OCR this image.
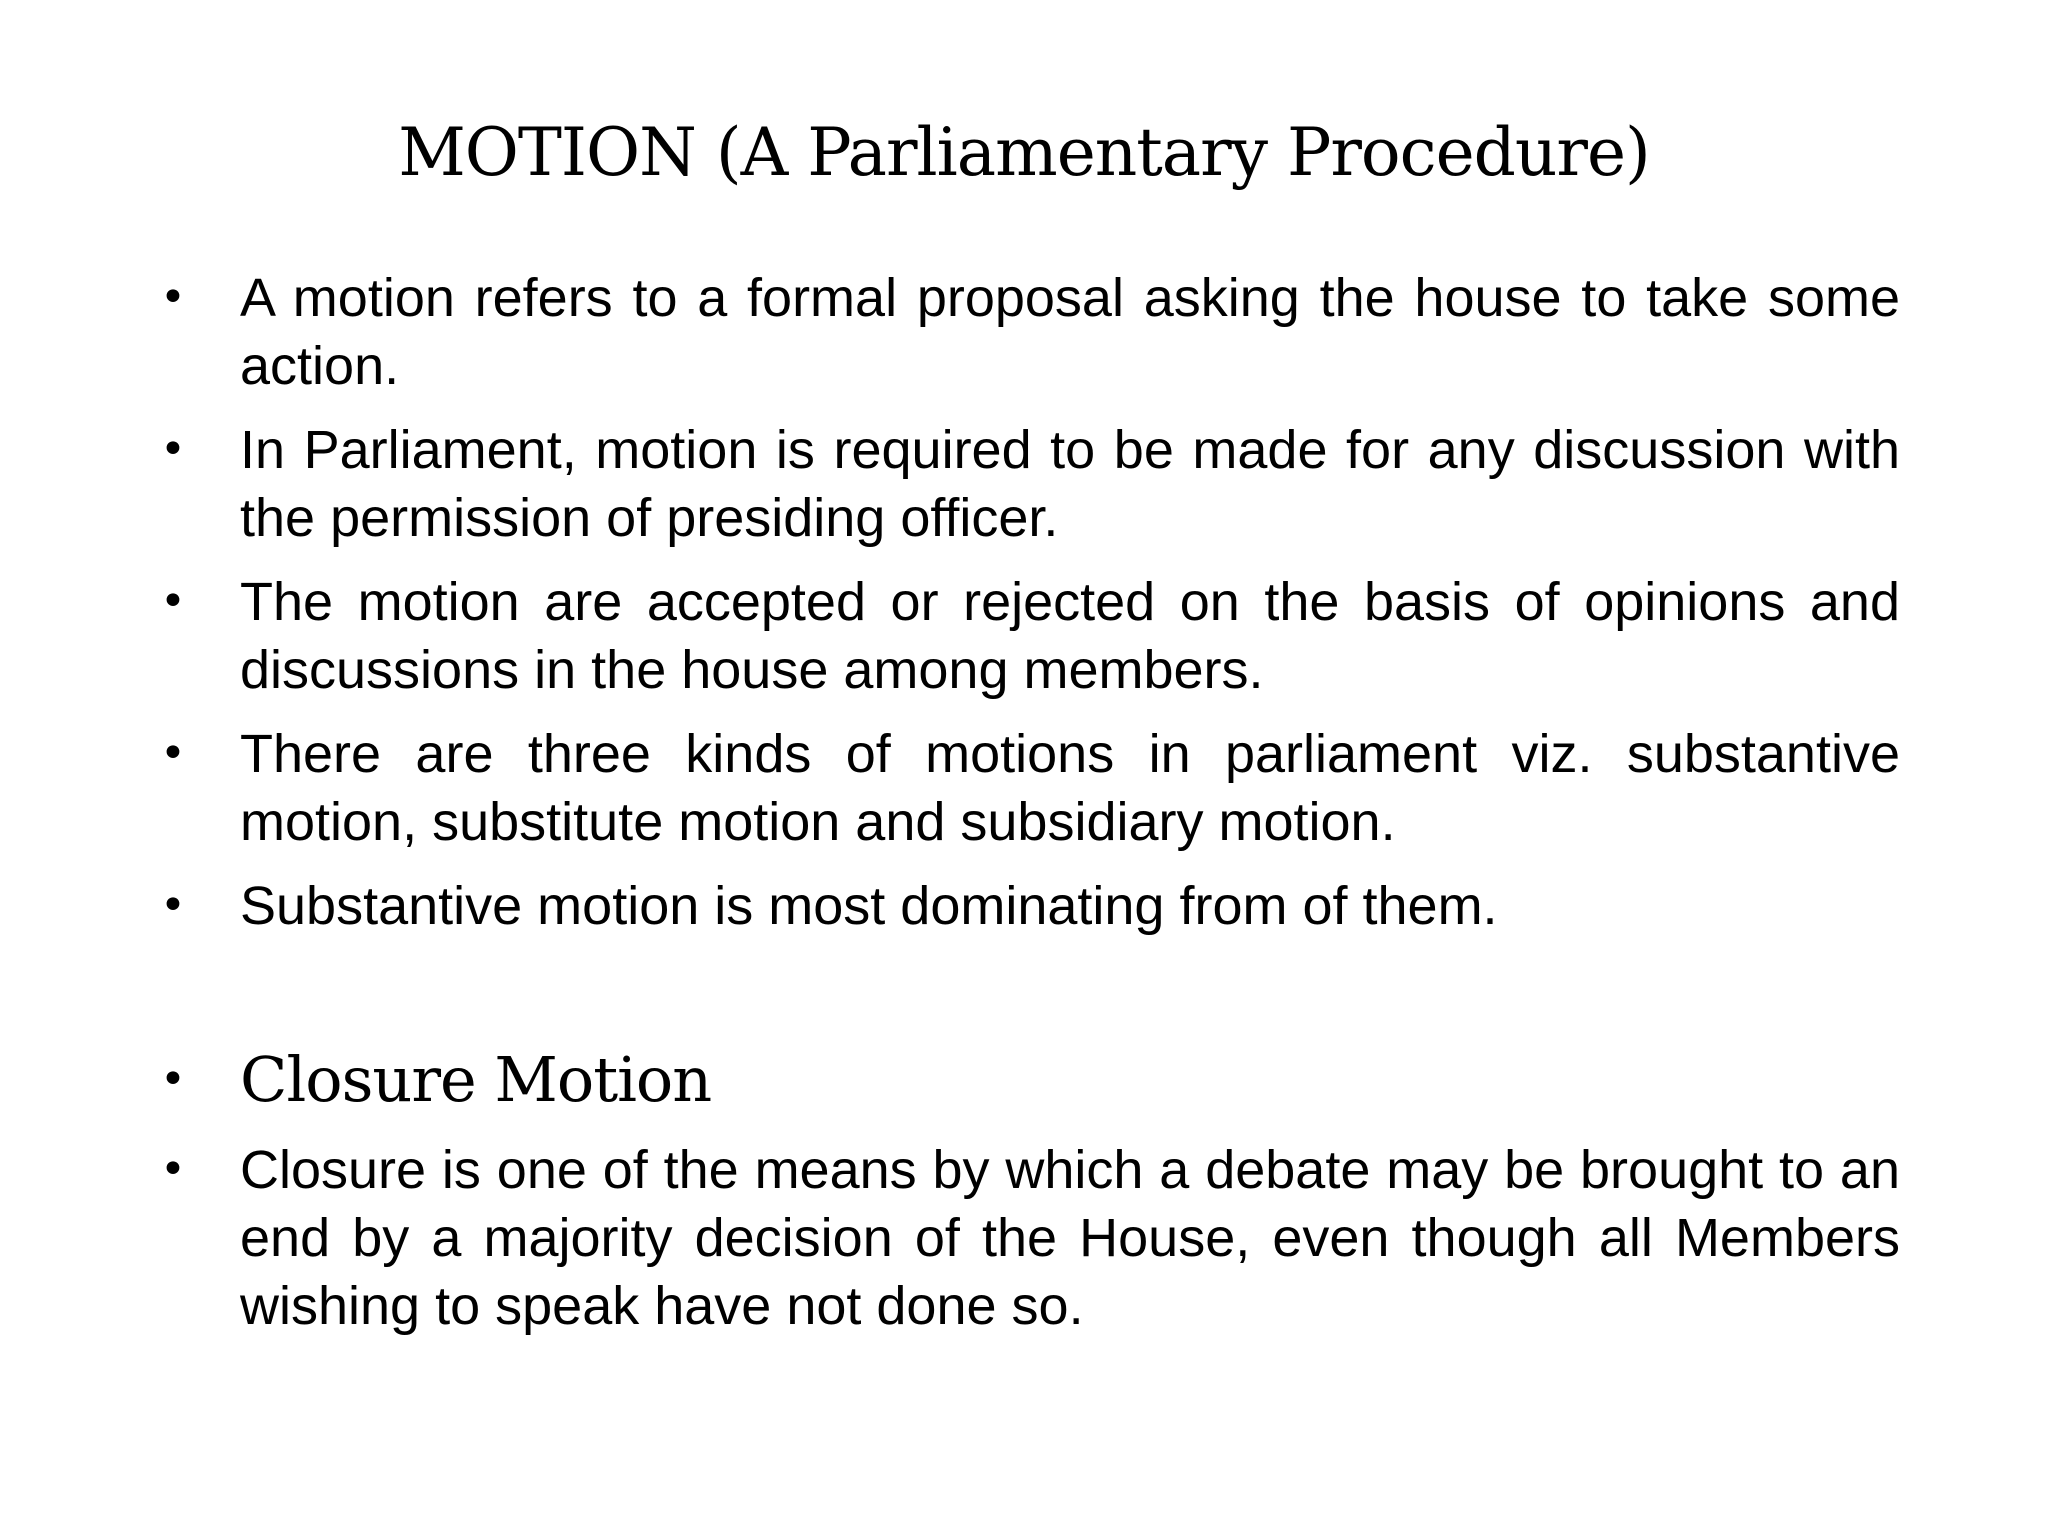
MOTION (A Parliamentary Procedure)
•	A motion refers to a formal proposal asking the house to take some action.
•	In Parliament, motion is required to be made for any discussion with the permission of presiding officer.
•	The motion are accepted or rejected on the basis of opinions and discussions in the house among members.
•	There are three kinds of motions in parliament viz. substantive motion, substitute motion and subsidiary motion.
•	Substantive motion is most dominating from of them.
• Closure Motion
•	Closure is one of the means by which a debate may be brought to an end by a majority decision of the House, even though all Members wishing to speak have not done so.
